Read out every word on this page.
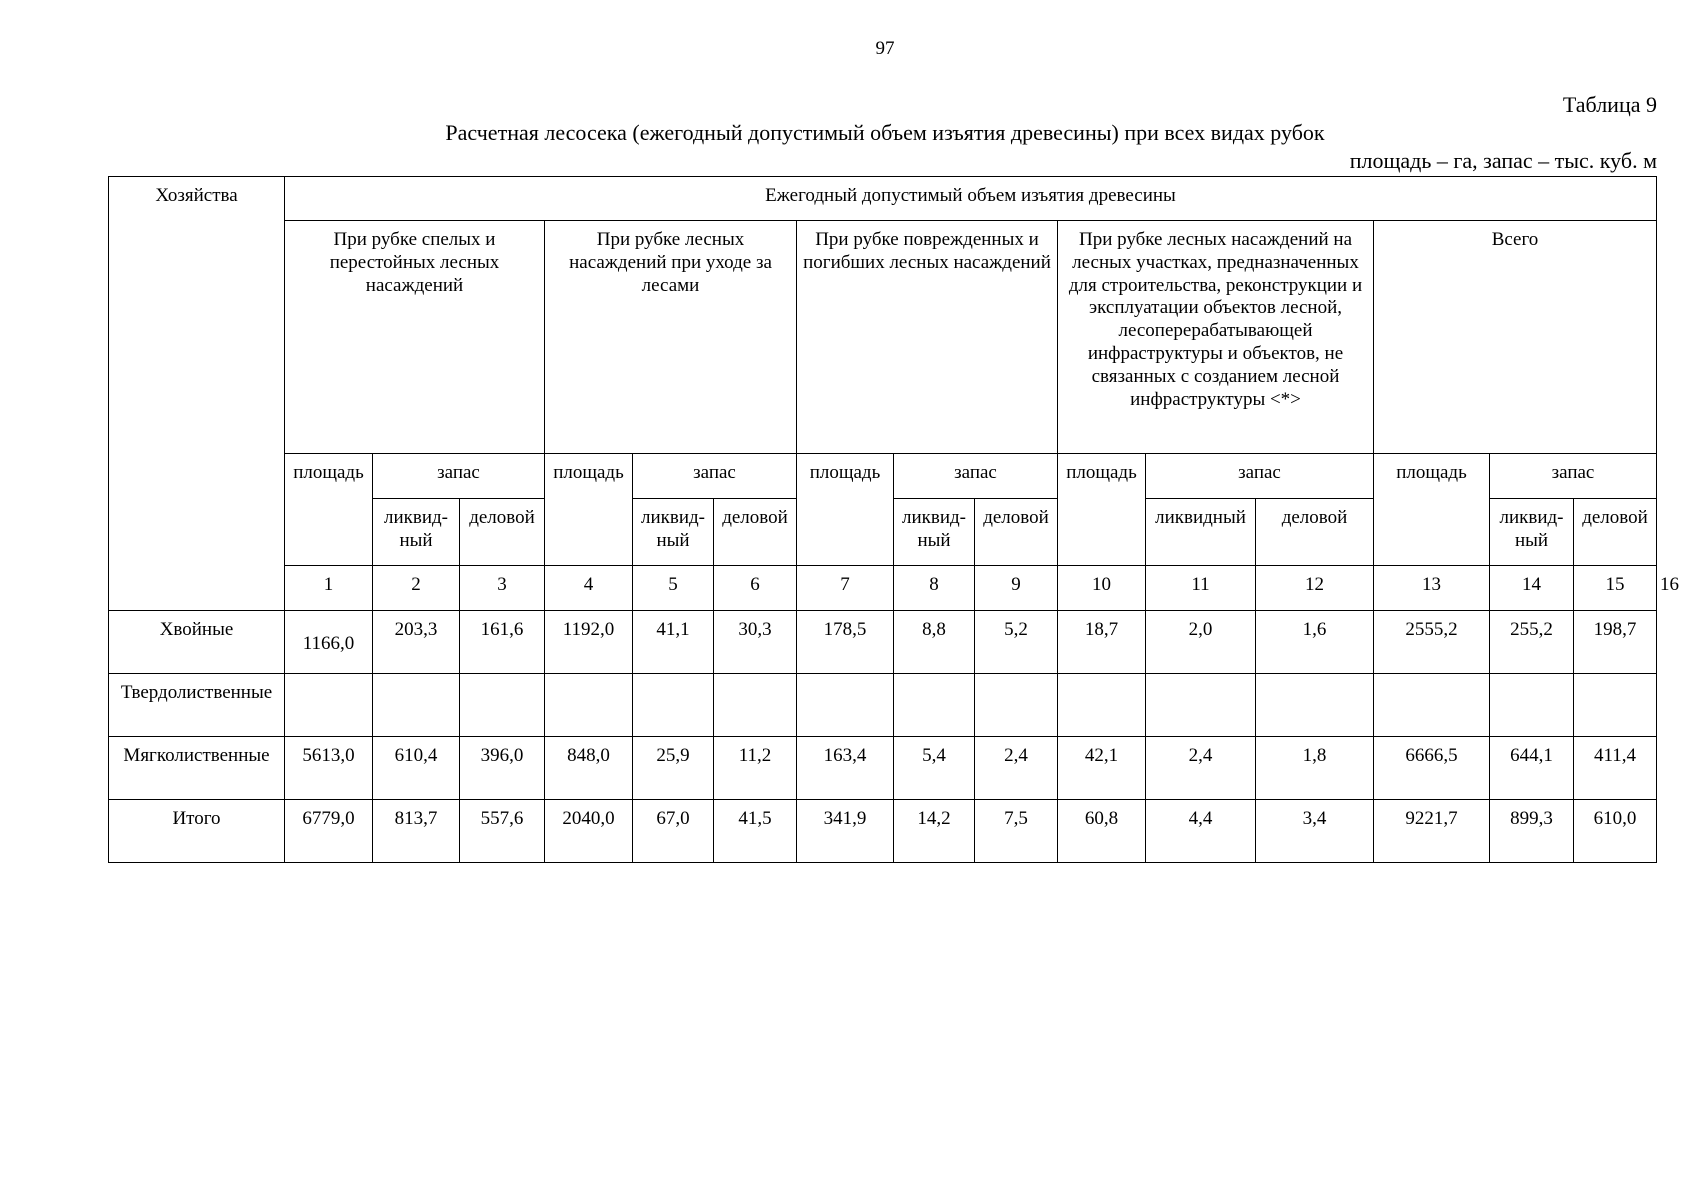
97
Таблица 9
Расчетная лесосека (ежегодный допустимый объем изъятия древесины) при всех видах рубок
площадь – га, запас – тыс. куб. м
Хозяйства	Ежегодный допустимый объем изъятия древесины															
	При рубке спелых и перестойных лесных насаждений			При рубке лесных насаждений при уходе за лесами			При рубке поврежденных и погибших лесных насаждений			При рубке лесных насаждений на лесных участках, предназначенных для строительства, реконструкции и эксплуатации объектов лесной, лесоперерабатывающей инфраструктуры и объектов, не связанных с созданием лесной инфраструктуры <*>			Всего			
	площадь	запас		площадь	запас		площадь	запас		площадь	запас		площадь	запас		
		ликвид-ный	деловой		ликвид-ный	деловой		ликвид-ный	деловой		ликвидный	деловой		ликвид-ный	деловой	
	1	2	3	4	5	6	7	8	9	10	11	12	13	14	15	16
Хвойные	1166,0	203,3	161,6	1192,0	41,1	30,3	178,5	8,8	5,2	18,7	2,0	1,6	2555,2	255,2	198,7	
Твердолиственные																
Мягколиственные	5613,0	610,4	396,0	848,0	25,9	11,2	163,4	5,4	2,4	42,1	2,4	1,8	6666,5	644,1	411,4	
Итого	6779,0	813,7	557,6	2040,0	67,0	41,5	341,9	14,2	7,5	60,8	4,4	3,4	9221,7	899,3	610,0	
